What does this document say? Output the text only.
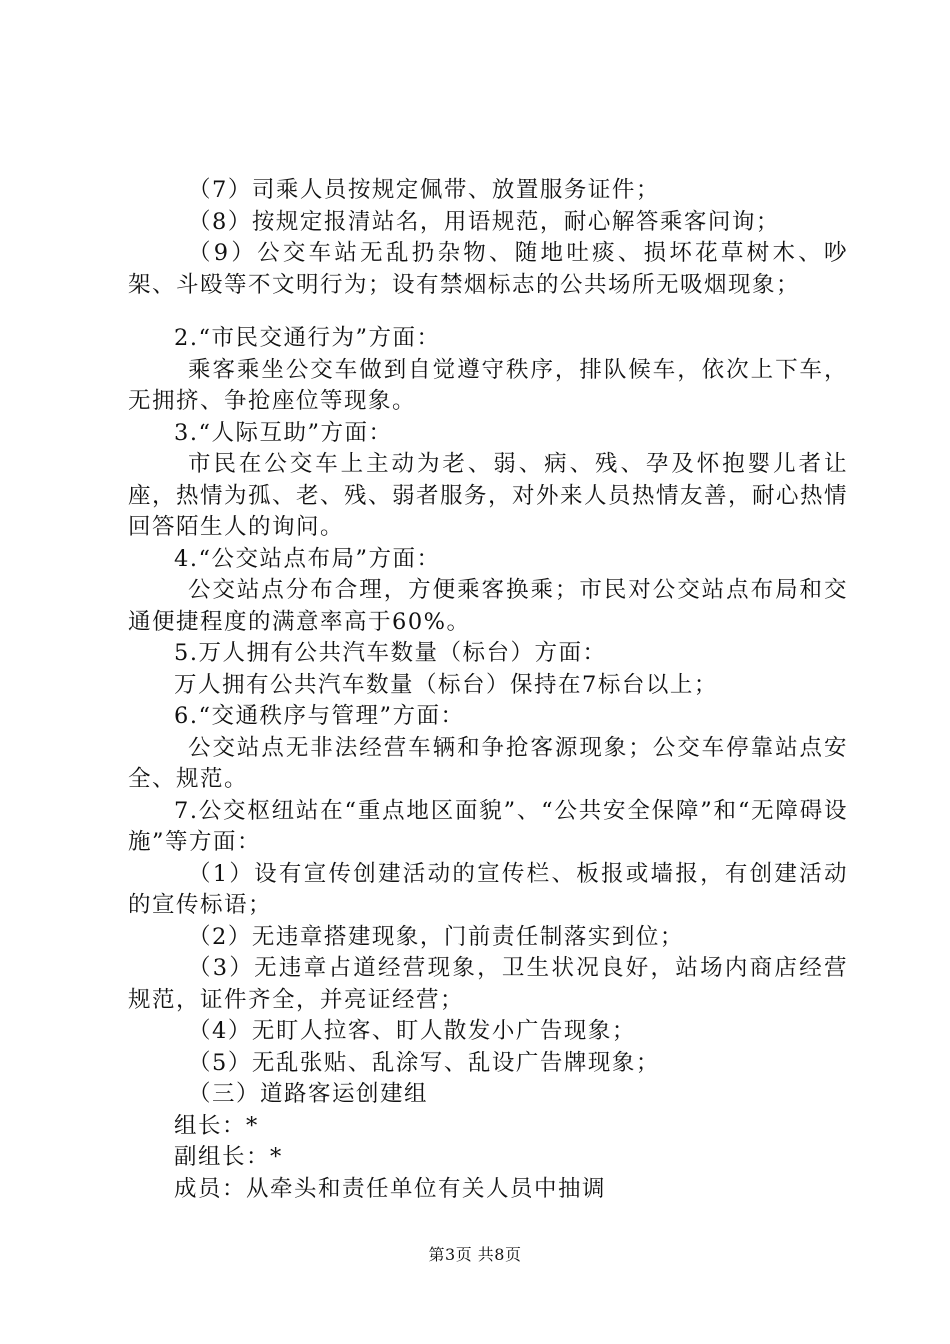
（7）司乘人员按规定佩带、放置服务证件；

（8）按规定报清站名，用语规范，耐心解答乘客问询；

（9）公交车站无乱扔杂物、随地吐痰、损坏花草树木、吵架、斗殴等不文明行为；设有禁烟标志的公共场所无吸烟现象；

2.“市民交通行为”方面：

乘客乘坐公交车做到自觉遵守秩序，排队候车，依次上下车，无拥挤、争抢座位等现象。

3.“人际互助”方面：

市民在公交车上主动为老、弱、病、残、孕及怀抱婴儿者让座，热情为孤、老、残、弱者服务，对外来人员热情友善，耐心热情回答陌生人的询问。

4.“公交站点布局”方面：

公交站点分布合理，方便乘客换乘；市民对公交站点布局和交通便捷程度的满意率高于60%。

5.万人拥有公共汽车数量（标台）方面：

万人拥有公共汽车数量（标台）保持在7标台以上；

6.“交通秩序与管理”方面：

公交站点无非法经营车辆和争抢客源现象；公交车停靠站点安全、规范。

7.公交枢纽站在“重点地区面貌”、“公共安全保障”和“无障碍设施”等方面：

（1）设有宣传创建活动的宣传栏、板报或墙报，有创建活动的宣传标语；

（2）无违章搭建现象，门前责任制落实到位；

（3）无违章占道经营现象，卫生状况良好，站场内商店经营规范，证件齐全，并亮证经营；

（4）无盯人拉客、盯人散发小广告现象；

（5）无乱张贴、乱涂写、乱设广告牌现象；

（三）道路客运创建组

组长：*

副组长：*

成员：从牵头和责任单位有关人员中抽调

第3页 共8页
